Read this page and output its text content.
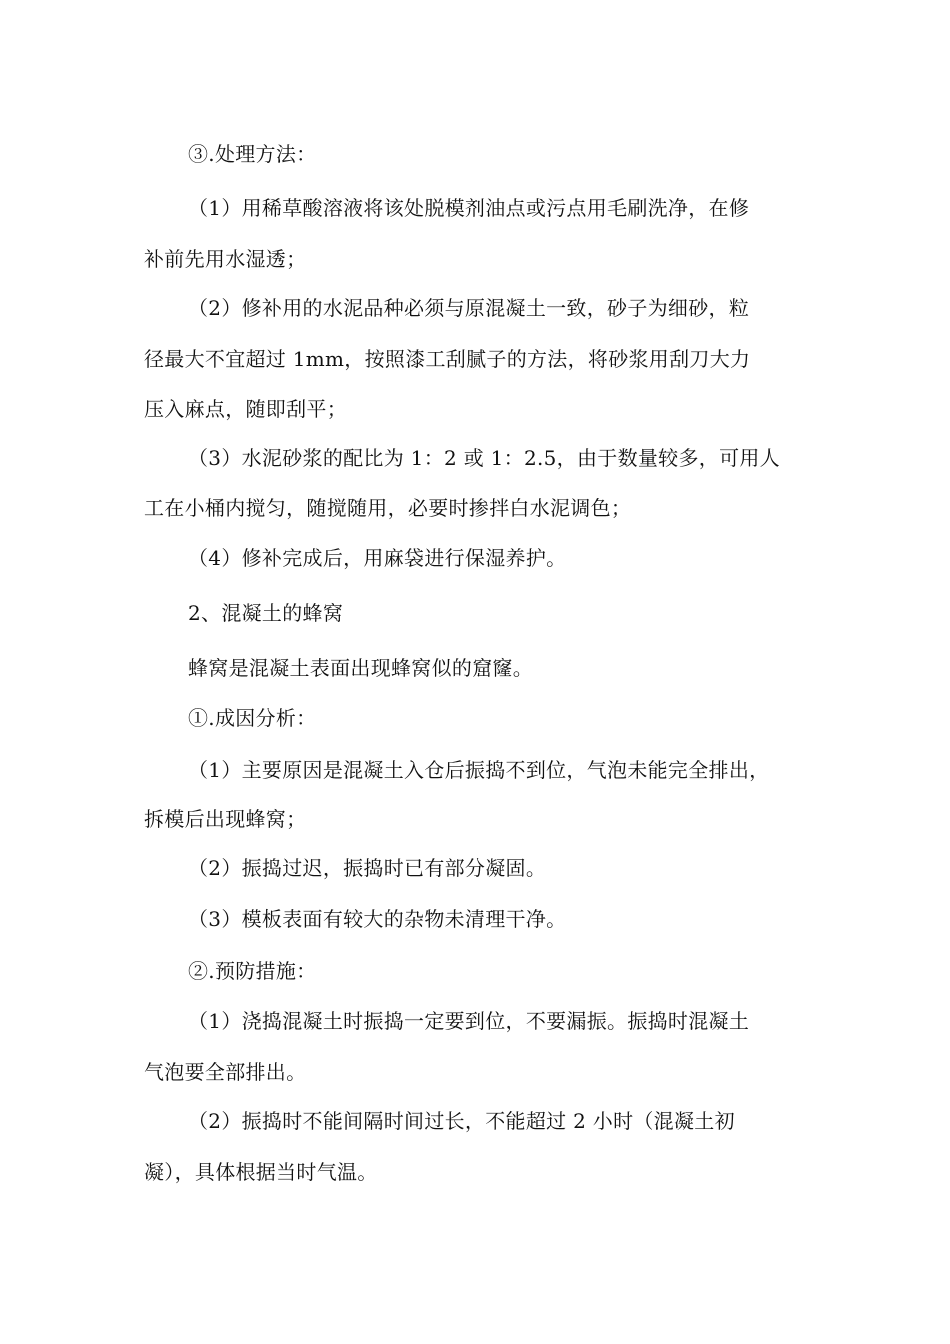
③.处理方法：
（1）用稀草酸溶液将该处脱模剂油点或污点用毛刷洗净，在修
补前先用水湿透；
（2）修补用的水泥品种必须与原混凝土一致，砂子为细砂，粒
径最大不宜超过 1mm，按照漆工刮腻子的方法，将砂浆用刮刀大力
压入麻点，随即刮平；
（3）水泥砂浆的配比为 1：2 或 1：2.5，由于数量较多，可用人
工在小桶内搅匀，随搅随用，必要时掺拌白水泥调色；
（4）修补完成后，用麻袋进行保湿养护。
2、混凝土的蜂窝
蜂窝是混凝土表面出现蜂窝似的窟窿。
①.成因分析：
（1）主要原因是混凝土入仓后振捣不到位，气泡未能完全排出，
拆模后出现蜂窝；
（2）振捣过迟，振捣时已有部分凝固。
（3）模板表面有较大的杂物未清理干净。
②.预防措施：
（1）浇捣混凝土时振捣一定要到位，不要漏振。振捣时混凝土
气泡要全部排出。
（2）振捣时不能间隔时间过长，不能超过 2 小时（混凝土初
凝），具体根据当时气温。
